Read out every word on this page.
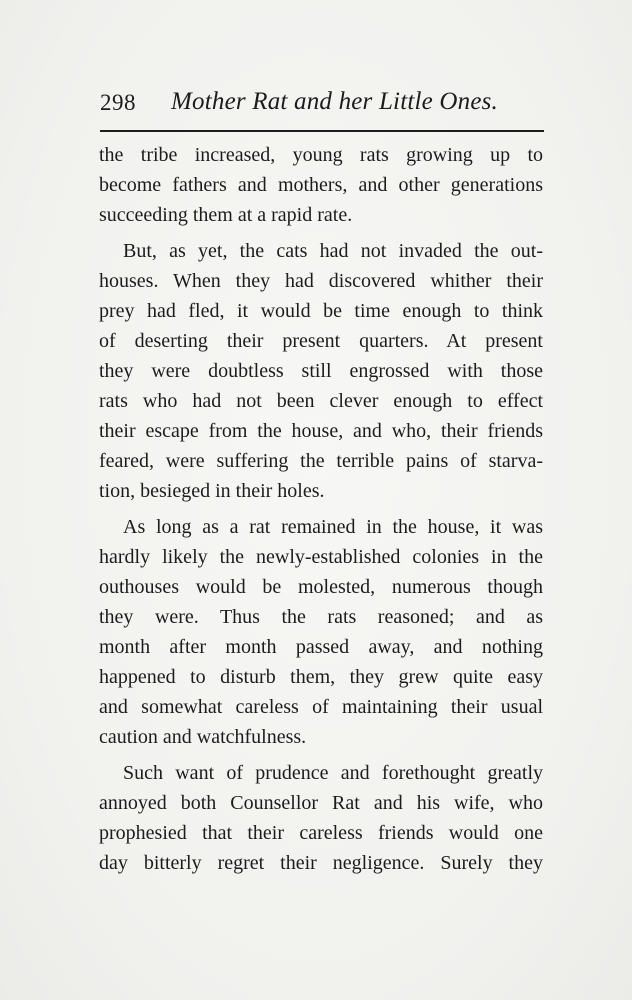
298 Mother Rat and her Little Ones.
the tribe increased, young rats growing up to
become fathers and mothers, and other generations
succeeding them at a rapid rate.
But, as yet, the cats had not invaded the out-
houses. When they had discovered whither their
prey had fled, it would be time enough to think
of deserting their present quarters. At present
they were doubtless still engrossed with those
rats who had not been clever enough to effect
their escape from the house, and who, their friends
feared, were suffering the terrible pains of starva-
tion, besieged in their holes.
As long as a rat remained in the house, it was
hardly likely the newly-established colonies in the
outhouses would be molested, numerous though
they were. Thus the rats reasoned; and as
month after month passed away, and nothing
happened to disturb them, they grew quite easy
and somewhat careless of maintaining their usual
caution and watchfulness.
Such want of prudence and forethought greatly
annoyed both Counsellor Rat and his wife, who
prophesied that their careless friends would one
day bitterly regret their negligence. Surely they
